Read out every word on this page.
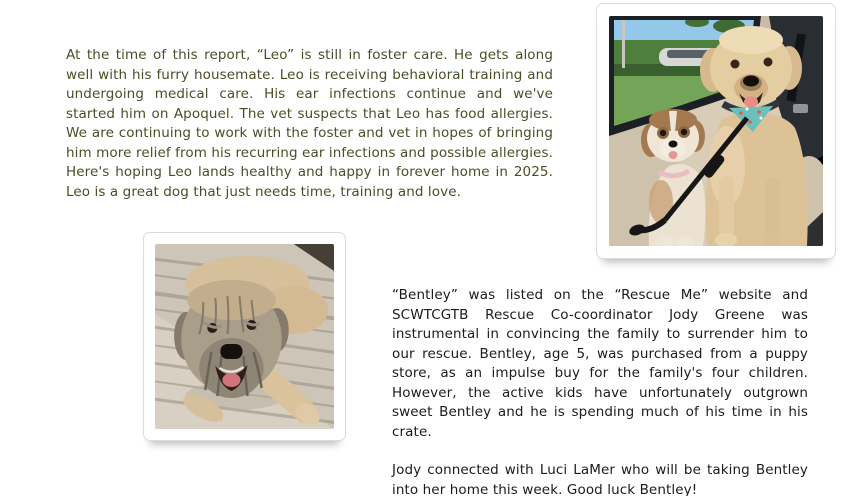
At the time of this report, “Leo” is still in foster care. He gets along well with his furry housemate. Leo is receiving behavioral training and undergoing medical care. His ear infections continue and we've started him on Apoquel. The vet suspects that Leo has food allergies. We are continuing to work with the foster and vet in hopes of bringing him more relief from his recurring ear infections and possible allergies. Here's hoping Leo lands healthy and happy in forever home in 2025. Leo is a great dog that just needs time, training and love.

“Bentley” was listed on the “Rescue Me” website and SCWTCGTB Rescue Co-coordinator Jody Greene was instrumental in convincing the family to surrender him to our rescue. Bentley, age 5, was purchased from a puppy store, as an impulse buy for the family's four children. However, the active kids have unfortunately outgrown sweet Bentley and he is spending much of his time in his crate.

Jody connected with Luci LaMer who will be taking Bentley into her home this week. Good luck Bentley!
